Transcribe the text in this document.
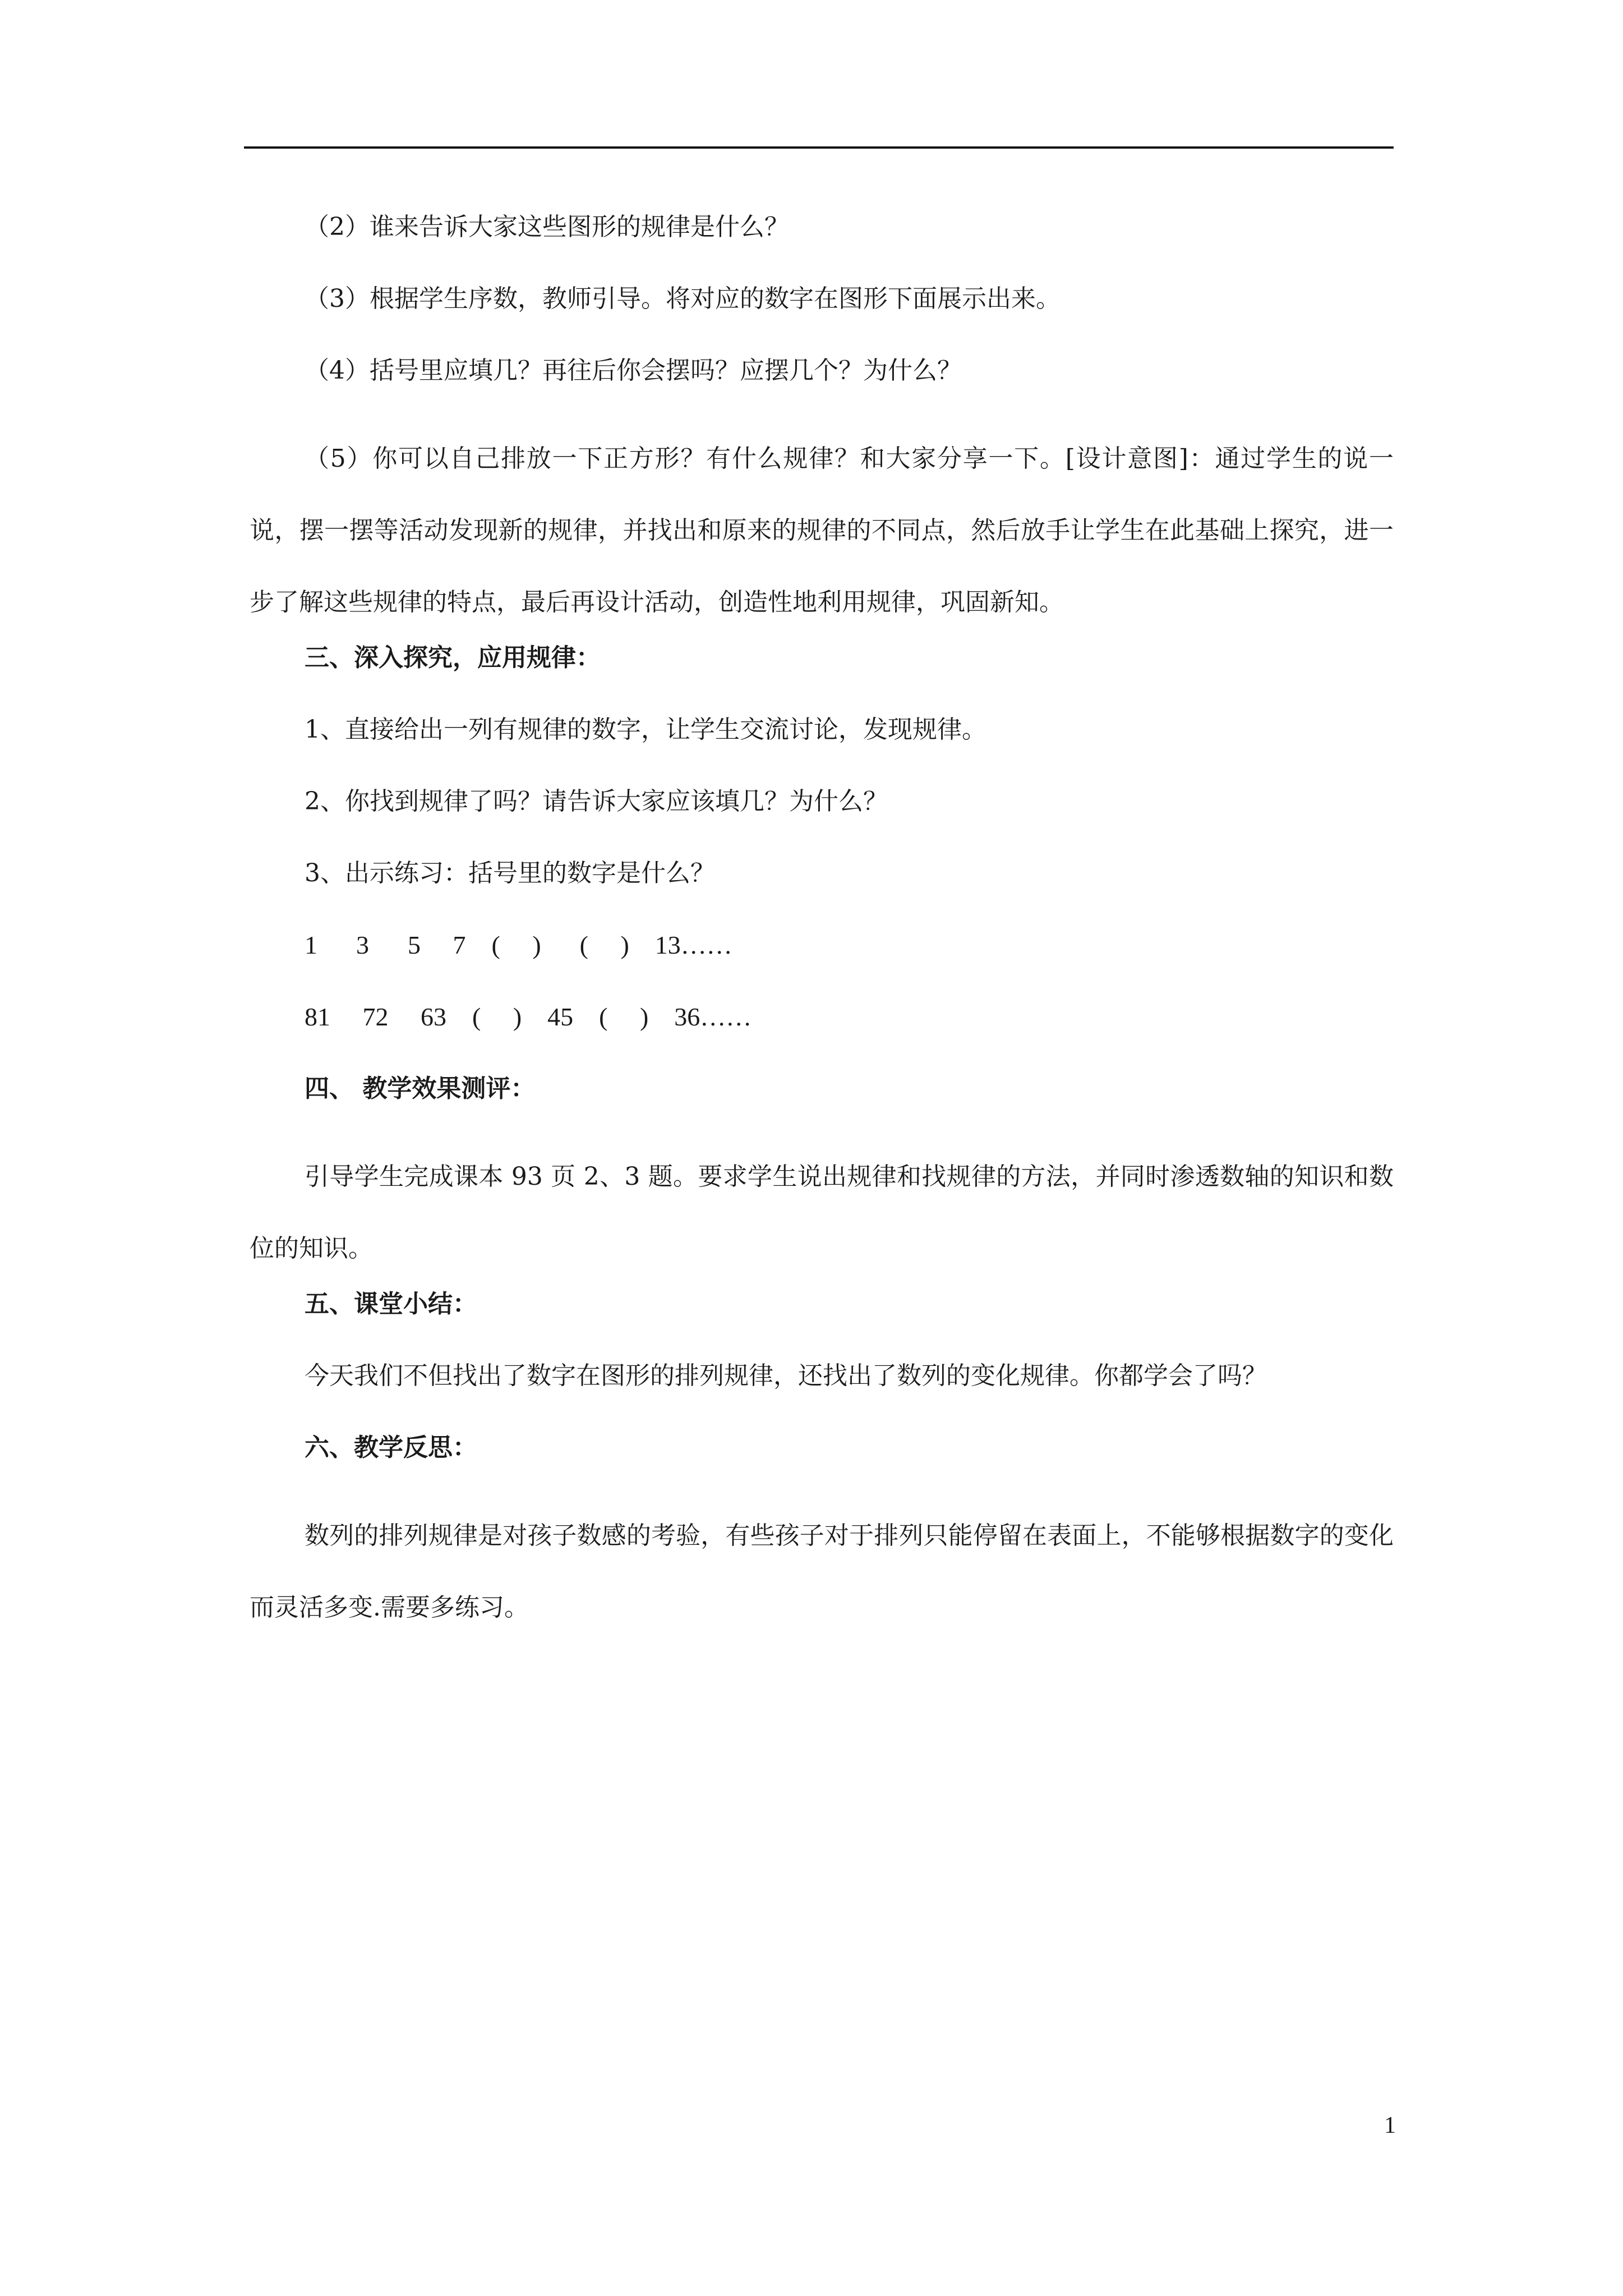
（2）谁来告诉大家这些图形的规律是什么？
（3）根据学生序数，教师引导。将对应的数字在图形下面展示出来。
（4）括号里应填几？再往后你会摆吗？应摆几个？为什么？

（5）你可以自己排放一下正方形？有什么规律？和大家分享一下。[设计意图]：通过学生的说一说，摆一摆等活动发现新的规律，并找出和原来的规律的不同点，然后放手让学生在此基础上探究，进一步了解这些规律的特点，最后再设计活动，创造性地利用规律，巩固新知。

三、深入探究，应用规律：
1、直接给出一列有规律的数字，让学生交流讨论，发现规律。
2、你找到规律了吗？请告诉大家应该填几？为什么？
3、出示练习：括号里的数字是什么？
1      3      5     7    (     )      (     )    13……
81     72     63    (     )    45    (     )    36……
四、 教学效果测评：

引导学生完成课本 93 页 2、3 题。要求学生说出规律和找规律的方法，并同时渗透数轴的知识和数位的知识。

五、课堂小结：
今天我们不但找出了数字在图形的排列规律，还找出了数列的变化规律。你都学会了吗？
六、教学反思：

数列的排列规律是对孩子数感的考验，有些孩子对于排列只能停留在表面上，不能够根据数字的变化而灵活多变.需要多练习。

1
